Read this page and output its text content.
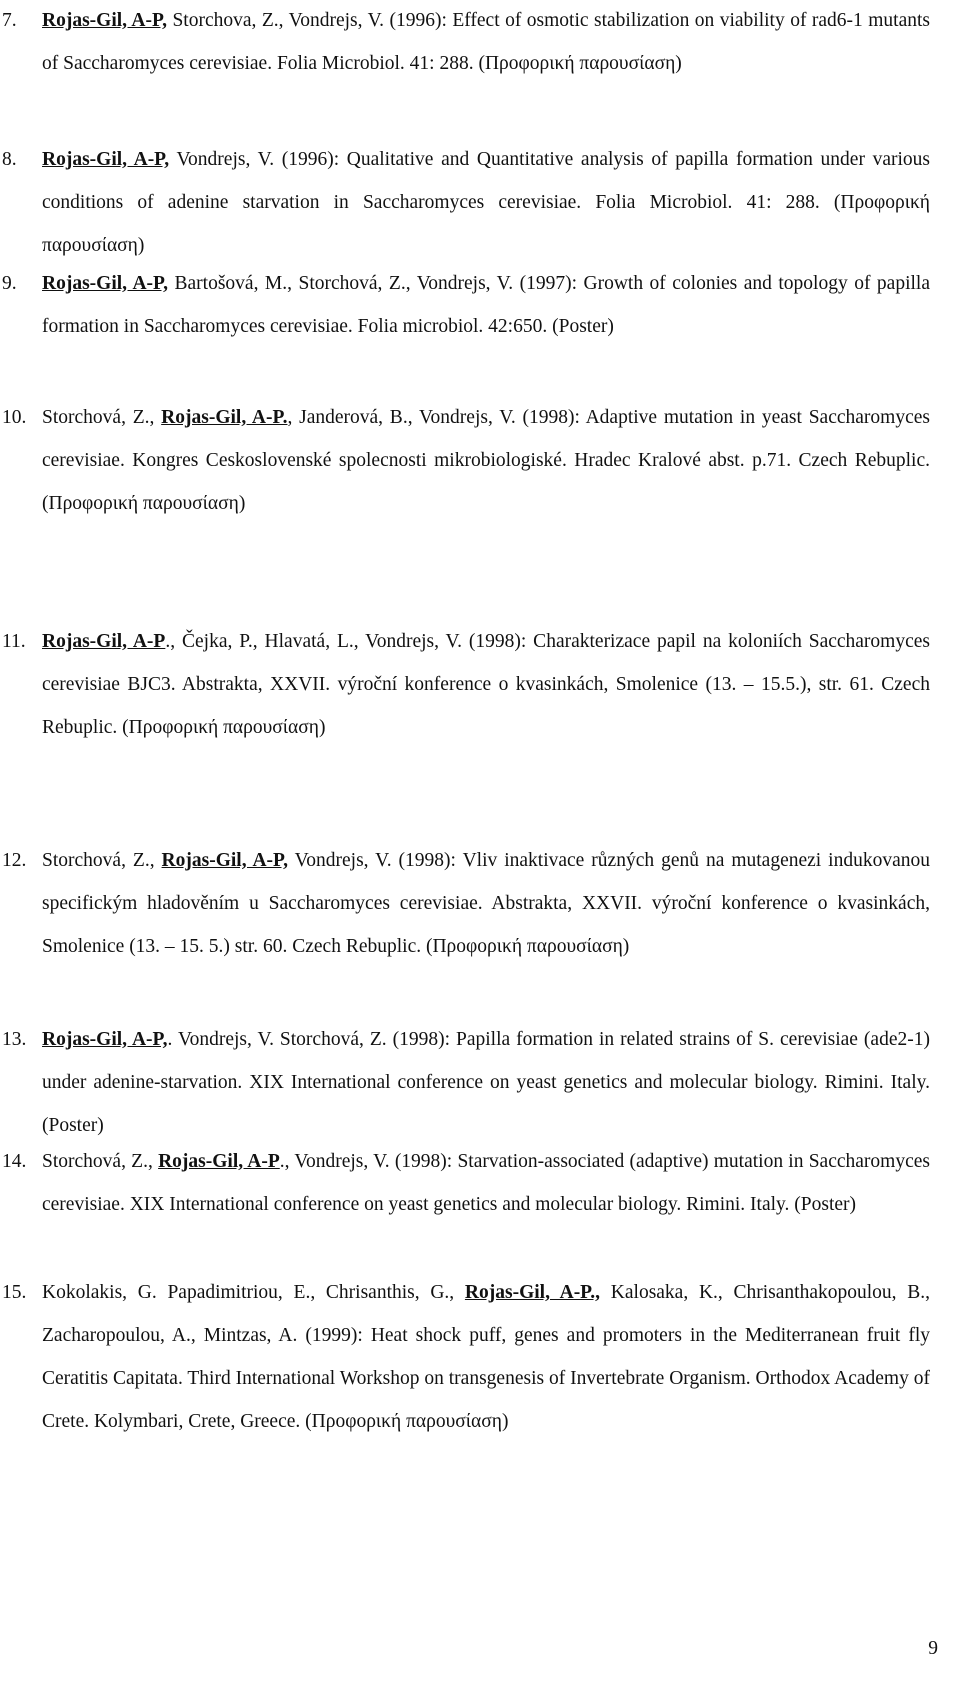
7. Rojas-Gil, A-P, Storchova, Z., Vondrejs, V. (1996): Effect of osmotic stabilization on viability of rad6-1 mutants of Saccharomyces cerevisiae. Folia Microbiol. 41: 288. (Προφορική παρουσίαση)
8. Rojas-Gil, A-P, Vondrejs, V. (1996): Qualitative and Quantitative analysis of papilla formation under various conditions of adenine starvation in Saccharomyces cerevisiae. Folia Microbiol. 41: 288. (Προφορική παρουσίαση)
9. Rojas-Gil, A-P, Bartošová, M., Storchová, Z., Vondrejs, V. (1997): Growth of colonies and topology of papilla formation in Saccharomyces cerevisiae. Folia microbiol. 42:650. (Poster)
10. Storchová, Z., Rojas-Gil, A-P., Janderová, B., Vondrejs, V. (1998): Adaptive mutation in yeast Saccharomyces cerevisiae. Kongres Ceskoslovenské spolecnosti mikrobiologiské. Hradec Kralové abst. p.71. Czech Rebuplic. (Προφορική παρουσίαση)
11. Rojas-Gil, A-P., Čejka, P., Hlavatá, L., Vondrejs, V. (1998): Charakterizace papil na koloniích Saccharomyces cerevisiae BJC3. Abstrakta, XXVII. výroční konference o kvasinkách, Smolenice (13. – 15.5.), str. 61. Czech Rebuplic. (Προφορική παρουσίαση)
12. Storchová, Z., Rojas-Gil, A-P, Vondrejs, V. (1998): Vliv inaktivace různých genů na mutagenezi indukovanou specifickým hladověním u Saccharomyces cerevisiae. Abstrakta, XXVII. výroční konference o kvasinkách, Smolenice (13. – 15. 5.) str. 60. Czech Rebuplic. (Προφορική παρουσίαση)
13. Rojas-Gil, A-P,. Vondrejs, V. Storchová, Z. (1998): Papilla formation in related strains of S. cerevisiae (ade2-1) under adenine-starvation. XIX International conference on yeast genetics and molecular biology. Rimini. Italy. (Poster)
14. Storchová, Z., Rojas-Gil, A-P., Vondrejs, V. (1998): Starvation-associated (adaptive) mutation in Saccharomyces cerevisiae. XIX International conference on yeast genetics and molecular biology. Rimini. Italy. (Poster)
15. Kokolakis, G. Papadimitriou, E., Chrisanthis, G., Rojas-Gil, A-P., Kalosaka, K., Chrisanthakopoulou, B., Zacharopoulou, A., Mintzas, A. (1999): Heat shock puff, genes and promoters in the Mediterranean fruit fly Ceratitis Capitata. Third International Workshop on transgenesis of Invertebrate Organism. Orthodox Academy of Crete. Kolymbari, Crete, Greece. (Προφορική παρουσίαση)
9
